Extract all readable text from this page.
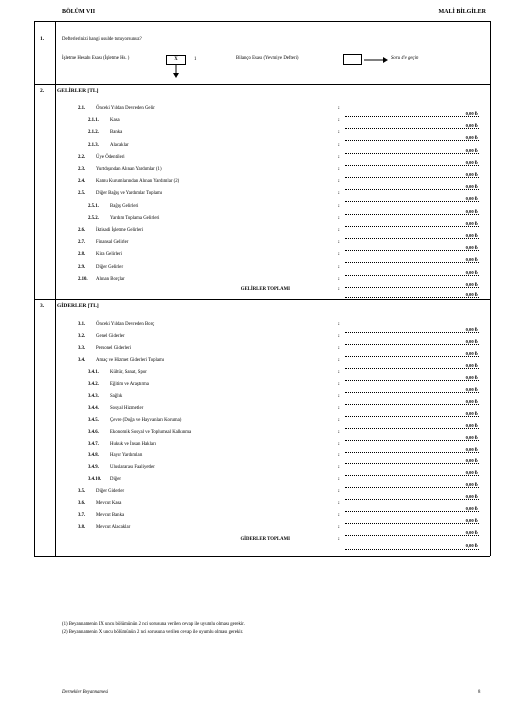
BÖLÜM VII	MALİ BİLGİLER
1.	Defterlerinizi hangi usulde tutuyorsunuz?
İşletme Hesabı Esası (İşletme Hs. )	X	1	Bilanço Esası (Yevmiye Defteri)	Soru 4'e geçin
2. GELİRLER [TL]
2.1. Önceki Yıldan Devreden Gelir	:
0,00 ₺
2.1.1. Kasa	:
0,00 ₺
2.1.2. Banka	:
0,00 ₺
2.1.3. Alacaklar	:
0,00 ₺
2.2. Üye Ödentileri	:
0,00 ₺
2.3. Yurtdışından Alınan Yardımlar (1)	:
0,00 ₺
2.4. Kamu Kurumlarından Alınan Yardımlar (2)	:
0,00 ₺
2.5. Diğer Bağış ve Yardımlar Toplamı	:
0,00 ₺
2.5.1. Bağış Gelirleri	:
0,00 ₺
2.5.2. Yardım Toplama Gelirleri	:
0,00 ₺
2.6. İktisadi İşletme Gelirleri	:
0,00 ₺
2.7. Finansal Gelirler	:
0,00 ₺
2.8. Kira Gelirleri	:
0,00 ₺
2.9. Diğer Gelirler	:
0,00 ₺
2.10. Alınan Borçlar	:
0,00 ₺
GELİRLER TOPLAMI	:
0,00 ₺
3. GİDERLER [TL]
3.1. Önceki Yıldan Devreden Borç	:
0,00 ₺
3.2. Genel Giderler	:
0,00 ₺
3.3. Personel Giderleri	:
0,00 ₺
3.4. Amaç ve Hizmet Giderleri Toplamı	:
0,00 ₺
3.4.1. Kültür, Sanat, Spor	:
0,00 ₺
3.4.2. Eğitim ve Araştırma	:
0,00 ₺
3.4.3. Sağlık	:
0,00 ₺
3.4.4. Sosyal Hizmetler	:
0,00 ₺
3.4.5. Çevre (Doğa ve Hayvanları Koruma)	:
0,00 ₺
3.4.6. Ekonomik Sosyal ve Toplumsal Kalkınma	:
0,00 ₺
3.4.7. Hukuk ve İnsan Hakları	:
0,00 ₺
3.4.8. Hayır Yardımları	:
0,00 ₺
3.4.9. Uluslararası Faaliyetler	:
0,00 ₺
3.4.10. Diğer	:
0,00 ₺
3.5. Diğer Giderler	:
0,00 ₺
3.6. Mevcut Kasa	:
0,00 ₺
3.7. Mevcut Banka	:
0,00 ₺
3.8. Mevcut Alacaklar	:
0,00 ₺
GİDERLER TOPLAMI	:
0,00 ₺
(1) Beyannamenin IX uncu bölümünün 2 nci sorusuna verilen cevap ile uyumlu olması gerekir.
(2) Beyannamenin X uncu bölümünün 2 nci sorusuna verilen cevap ile uyumlu olması gerekir.
Dernekler Beyannamesi	8
